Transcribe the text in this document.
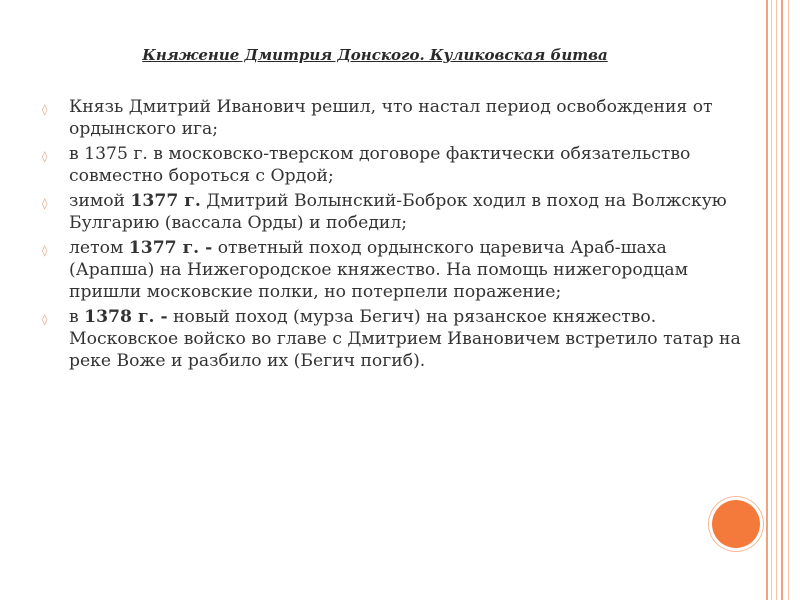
Княжение Дмитрия Донского. Куликовская битва
◊ Князь Дмитрий Иванович решил, что настал период освобождения от ордынского ига;
◊ в 1375 г. в московско-тверском договоре фактически обязательство совместно бороться с Ордой;
◊ зимой 1377 г. Дмитрий Волынский-Боброк ходил в поход на Волжскую Булгарию (вассала Орды) и победил;
◊ летом 1377 г. - ответный поход ордынского царевича Араб-шаха (Арапша) на Нижегородское княжество. На помощь нижегородцам пришли московские полки, но потерпели поражение;
◊ в 1378 г. - новый поход (мурза Бегич) на рязанское княжество. Московское войско во главе с Дмитрием Ивановичем встретило татар на реке Воже и разбило их (Бегич погиб).
